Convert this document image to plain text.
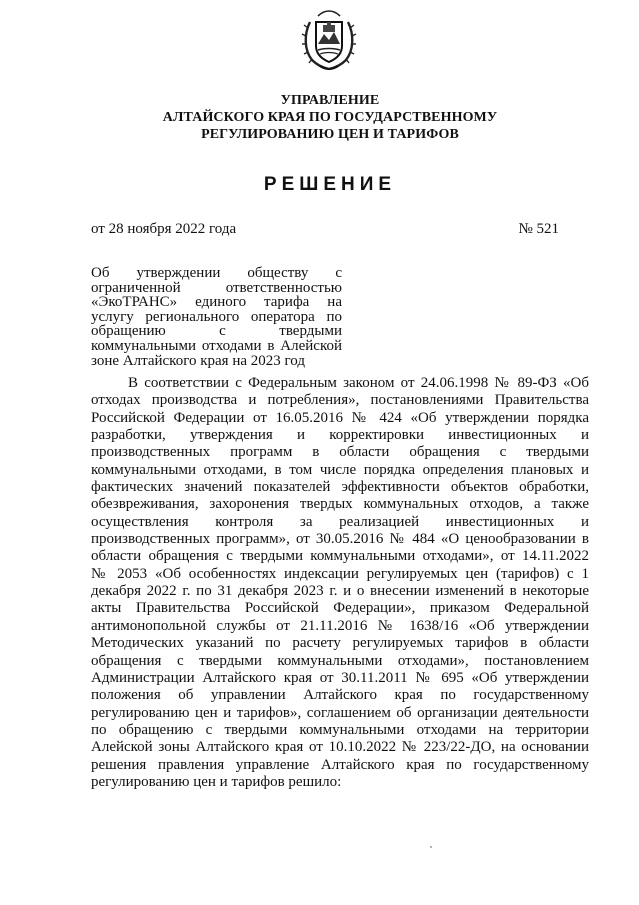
УПРАВЛЕНИЕ
АЛТАЙСКОГО КРАЯ ПО ГОСУДАРСТВЕННОМУ
РЕГУЛИРОВАНИЮ ЦЕН И ТАРИФОВ
РЕШЕНИЕ
от 28 ноября 2022 года	№ 521
Об утверждении обществу с
ограниченной ответственностью
«ЭкоТРАНС» единого тарифа на
услугу регионального оператора по
обращению с твердыми
коммунальными отходами в Алейской
зоне Алтайского края на 2023 год
В соответствии с Федеральным законом от 24.06.1998 № 89-ФЗ «Об
отходах производства и потребления», постановлениями Правительства
Российской Федерации от 16.05.2016 № 424 «Об утверждении порядка
разработки, утверждения и корректировки инвестиционных и
производственных программ в области обращения с твердыми
коммунальными отходами, в том числе порядка определения плановых и
фактических значений показателей эффективности объектов обработки,
обезвреживания, захоронения твердых коммунальных отходов, а также
осуществления контроля за реализацией инвестиционных и
производственных программ», от 30.05.2016 № 484 «О ценообразовании в
области обращения с твердыми коммунальными отходами», от 14.11.2022
№ 2053 «Об особенностях индексации регулируемых цен (тарифов) с 1
декабря 2022 г. по 31 декабря 2023 г. и о внесении изменений в некоторые
акты Правительства Российской Федерации», приказом Федеральной
антимонопольной службы от 21.11.2016 № 1638/16 «Об утверждении
Методических указаний по расчету регулируемых тарифов в области
обращения с твердыми коммунальными отходами», постановлением
Администрации Алтайского края от 30.11.2011 № 695 «Об утверждении
положения об управлении Алтайского края по государственному
регулированию цен и тарифов», соглашением об организации деятельности
по обращению с твердыми коммунальными отходами на территории
Алейской зоны Алтайского края от 10.10.2022 № 223/22-ДО, на основании
решения правления управление Алтайского края по государственному
регулированию цен и тарифов решило:
